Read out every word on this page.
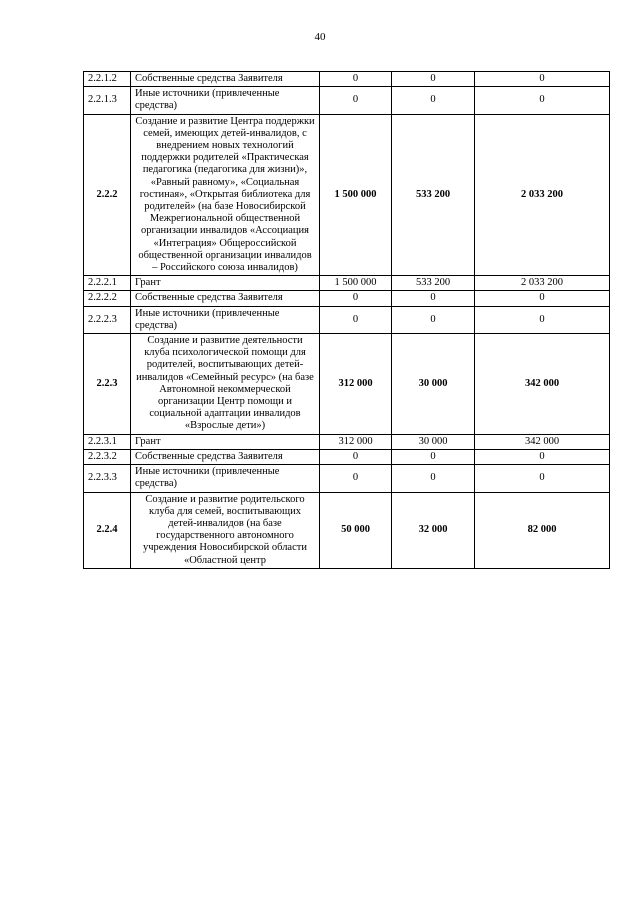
40
2.2.1.2	Собственные средства Заявителя	0	0	0
2.2.1.3	Иные источники (привлеченные средства)	0	0	0
2.2.2	Создание и развитие Центра поддержки семей, имеющих детей-инвалидов, с внедрением новых технологий поддержки родителей «Практическая педагогика (педагогика для жизни)», «Равный равному», «Социальная гостиная», «Открытая библиотека для родителей» (на базе Новосибирской Межрегиональной общественной организации инвалидов «Ассоциация «Интеграция» Общероссийской общественной организации инвалидов – Российского союза инвалидов)	1 500 000	533 200	2 033 200
2.2.2.1	Грант	1 500 000	533 200	2 033 200
2.2.2.2	Собственные средства Заявителя	0	0	0
2.2.2.3	Иные источники (привлеченные средства)	0	0	0
2.2.3	Создание и развитие деятельности клуба психологической помощи для родителей, воспитывающих детей-инвалидов «Семейный ресурс» (на базе Автономной некоммерческой организации Центр помощи и социальной адаптации инвалидов «Взрослые дети»)	312 000	30 000	342 000
2.2.3.1	Грант	312 000	30 000	342 000
2.2.3.2	Собственные средства Заявителя	0	0	0
2.2.3.3	Иные источники (привлеченные средства)	0	0	0
2.2.4	Создание и развитие родительского клуба для семей, воспитывающих детей-инвалидов (на базе государственного автономного учреждения Новосибирской области «Областной центр	50 000	32 000	82 000
